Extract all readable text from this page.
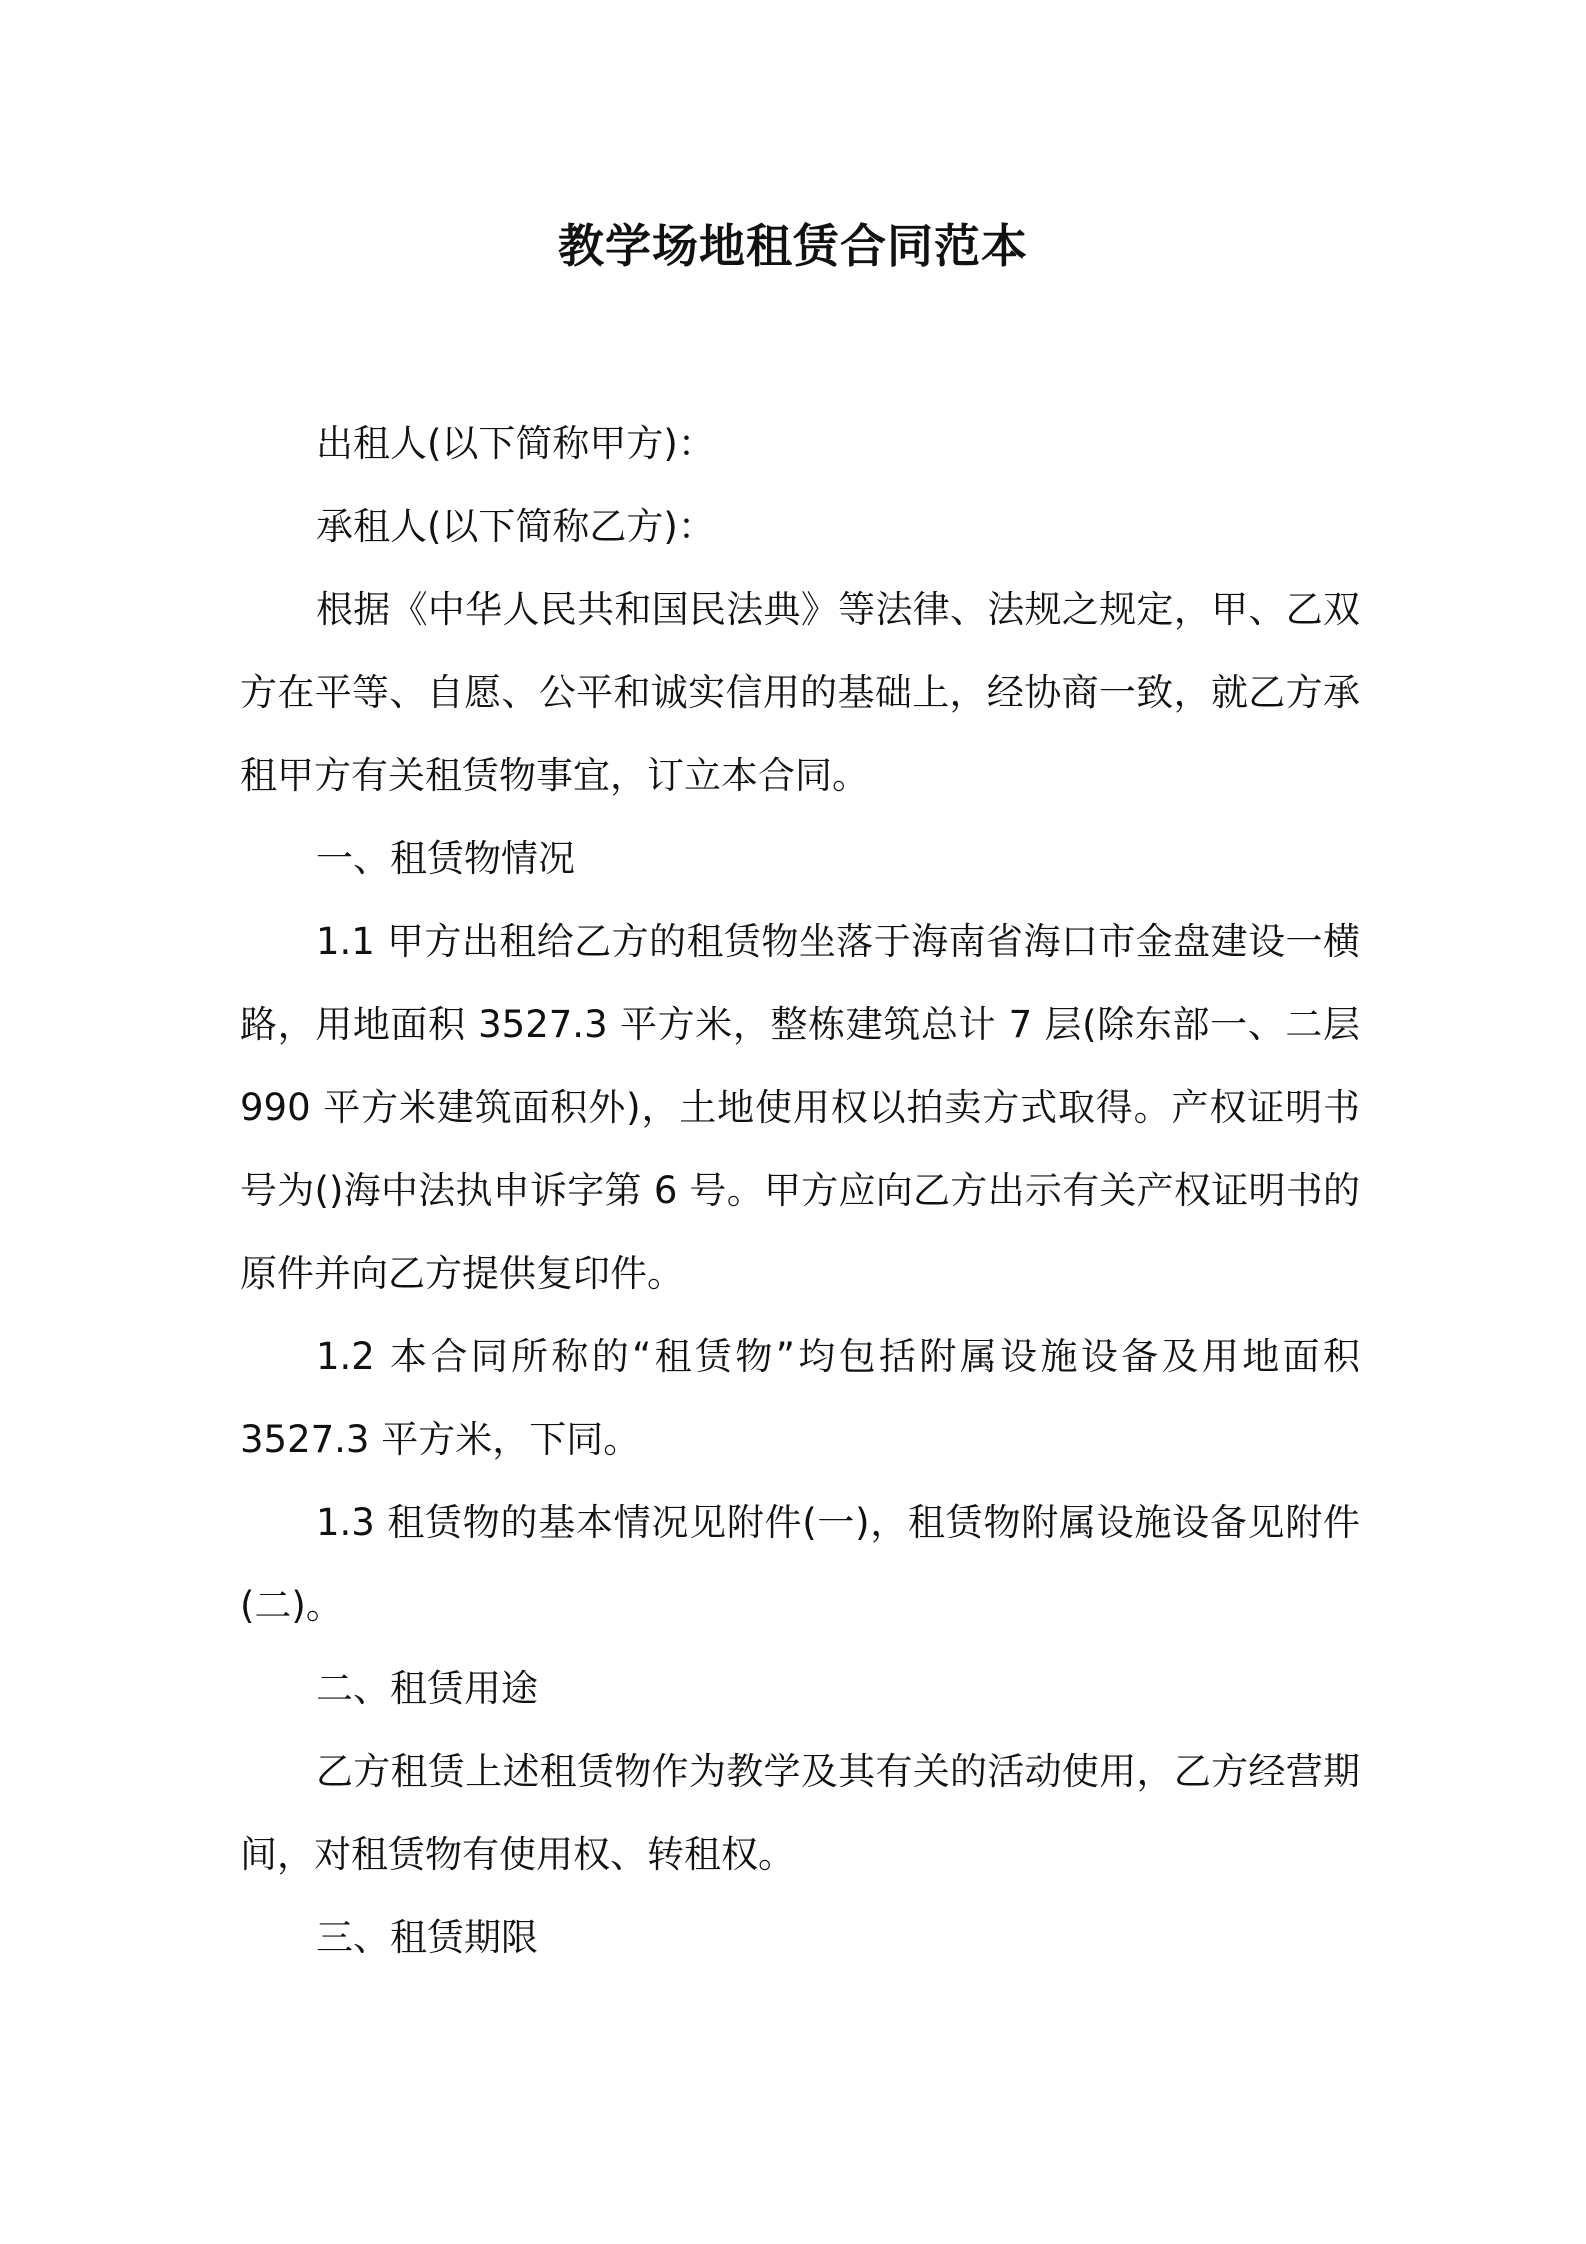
教学场地租赁合同范本

出租人(以下简称甲方)：

承租人(以下简称乙方)：

根据《中华人民共和国民法典》等法律、法规之规定，甲、乙双方在平等、自愿、公平和诚实信用的基础上，经协商一致，就乙方承租甲方有关租赁物事宜，订立本合同。

一、租赁物情况

1.1 甲方出租给乙方的租赁物坐落于海南省海口市金盘建设一横路，用地面积 3527.3 平方米，整栋建筑总计 7 层(除东部一、二层 990 平方米建筑面积外)，土地使用权以拍卖方式取得。产权证明书号为()海中法执申诉字第 6 号。甲方应向乙方出示有关产权证明书的原件并向乙方提供复印件。

1.2 本合同所称的“租赁物”均包括附属设施设备及用地面积 3527.3 平方米，下同。

1.3 租赁物的基本情况见附件(一)，租赁物附属设施设备见附件(二)。

二、租赁用途

乙方租赁上述租赁物作为教学及其有关的活动使用，乙方经营期间，对租赁物有使用权、转租权。

三、租赁期限
